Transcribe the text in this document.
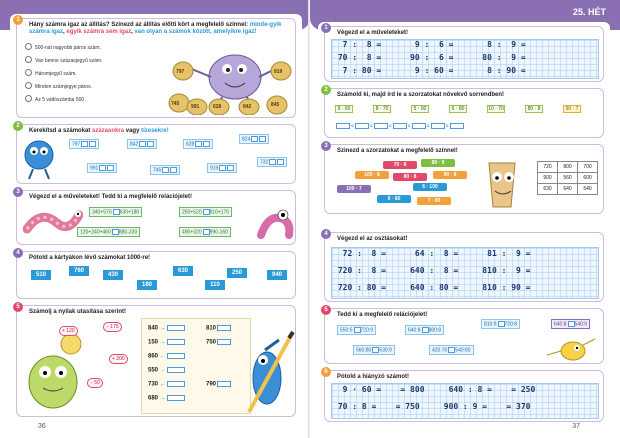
1
Hány számra igaz az állítás? Szinezd az állítás előtti kört a megfelelő színnel: minde-gyik számra igaz, egyik számra sem igaz, van olyan a számok között, amelyikre igaz!
500-nál nagyobb páros szám.
Van benne százasjegyű szám.
Háromjegyű szám.
Minden számjegye páros.
Az 5 váltószámba 500.
797	919
745	991	628	842	845
2
Kerekítsd a számokat százasokra vagy tízesekre!
797	842	628
824
991	745	919
732
3
Végezd el a műveleteket! Tedd ki a megfelelő relációjelet!
340+570 630+180	250+520 810+170
120+240+460 880-230	490+320 990-160
4
Pótold a kártyákon lévő számokat 1000-re!
510
760
430
180
630
110
250	940
5
Számolj a nyilak utasítása szerint!
+ 120
− 175
+ 200
− 50
840 →
150 →
860 ←
550 →
730 ←
680 →
810
790
750
36
25. HÉT
1
Végezd el a műveleteket!
7 :  8 =       9 :  6 =       8 :  9 =
70 :  8 =      90 :  6 =      80 :  9 =
7 : 80 =       9 : 60 =       8 : 90 =
2
Számold ki, majd írd le a szorzatokat növekvő sorrendben!
9 · 60	8 · 70	5 · 90	6 · 80	10 · 70	80 · 8	90 · 7
<	<	<	<	<	<
3
Szinezd a szorzatokat a megfelelő színnel!
70 · 8	80 · 9
100 · 8	80 · 8	90 · 8
100 · 7	6 · 100
9 · 80	7 · 80
720	800	700
900	560	600
630	640	540
4
Végezd el az osztásokat!
72 :  8 =      64 :  8 =      81 :  9 =
720 :  8 =     640 :  8 =     810 :  9 =
720 : 80 =     640 : 80 =     810 : 90 =
5
Tedd ki a megfelelő relációjelet!
550:5 720:9	640:8 880:8
810:9 720:8	640:8 540:9
560:80 630:9	420:70 540:60
6
Pótold a hiányzó számot!
9 · 60 =    = 800     640 : 8 =    = 250
70 : 8 =    = 750     900 : 9 =    = 370
37
